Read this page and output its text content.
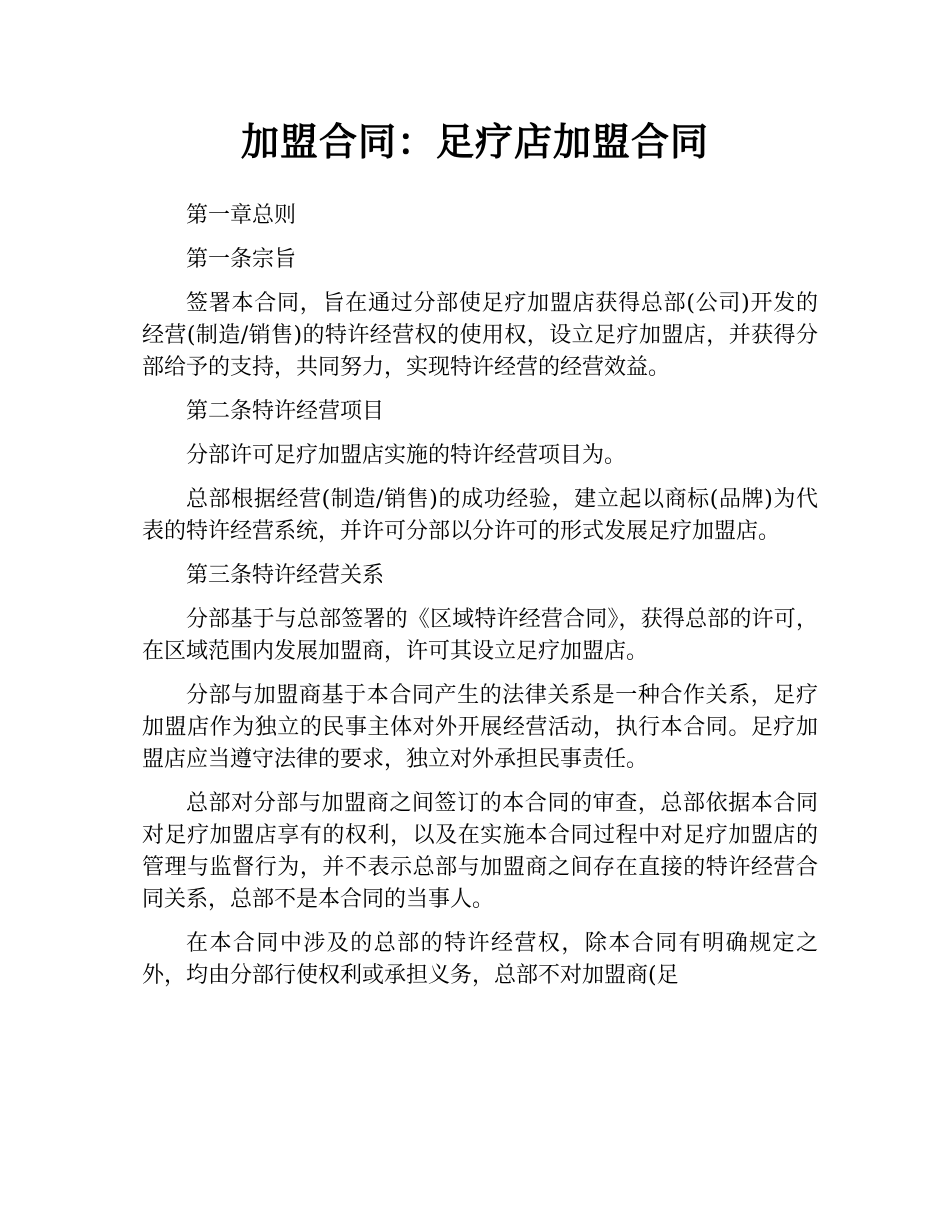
加盟合同：足疗店加盟合同

第一章总则

第一条宗旨

签署本合同，旨在通过分部使足疗加盟店获得总部(公司)开发的经营(制造/销售)的特许经营权的使用权，设立足疗加盟店，并获得分部给予的支持，共同努力，实现特许经营的经营效益。

第二条特许经营项目

分部许可足疗加盟店实施的特许经营项目为。

总部根据经营(制造/销售)的成功经验，建立起以商标(品牌)为代表的特许经营系统，并许可分部以分许可的形式发展足疗加盟店。

第三条特许经营关系

分部基于与总部签署的《区域特许经营合同》，获得总部的许可，在区域范围内发展加盟商，许可其设立足疗加盟店。

分部与加盟商基于本合同产生的法律关系是一种合作关系，足疗加盟店作为独立的民事主体对外开展经营活动，执行本合同。足疗加盟店应当遵守法律的要求，独立对外承担民事责任。

总部对分部与加盟商之间签订的本合同的审查，总部依据本合同对足疗加盟店享有的权利，以及在实施本合同过程中对足疗加盟店的管理与监督行为，并不表示总部与加盟商之间存在直接的特许经营合同关系，总部不是本合同的当事人。

在本合同中涉及的总部的特许经营权，除本合同有明确规定之外，均由分部行使权利或承担义务，总部不对加盟商(足
